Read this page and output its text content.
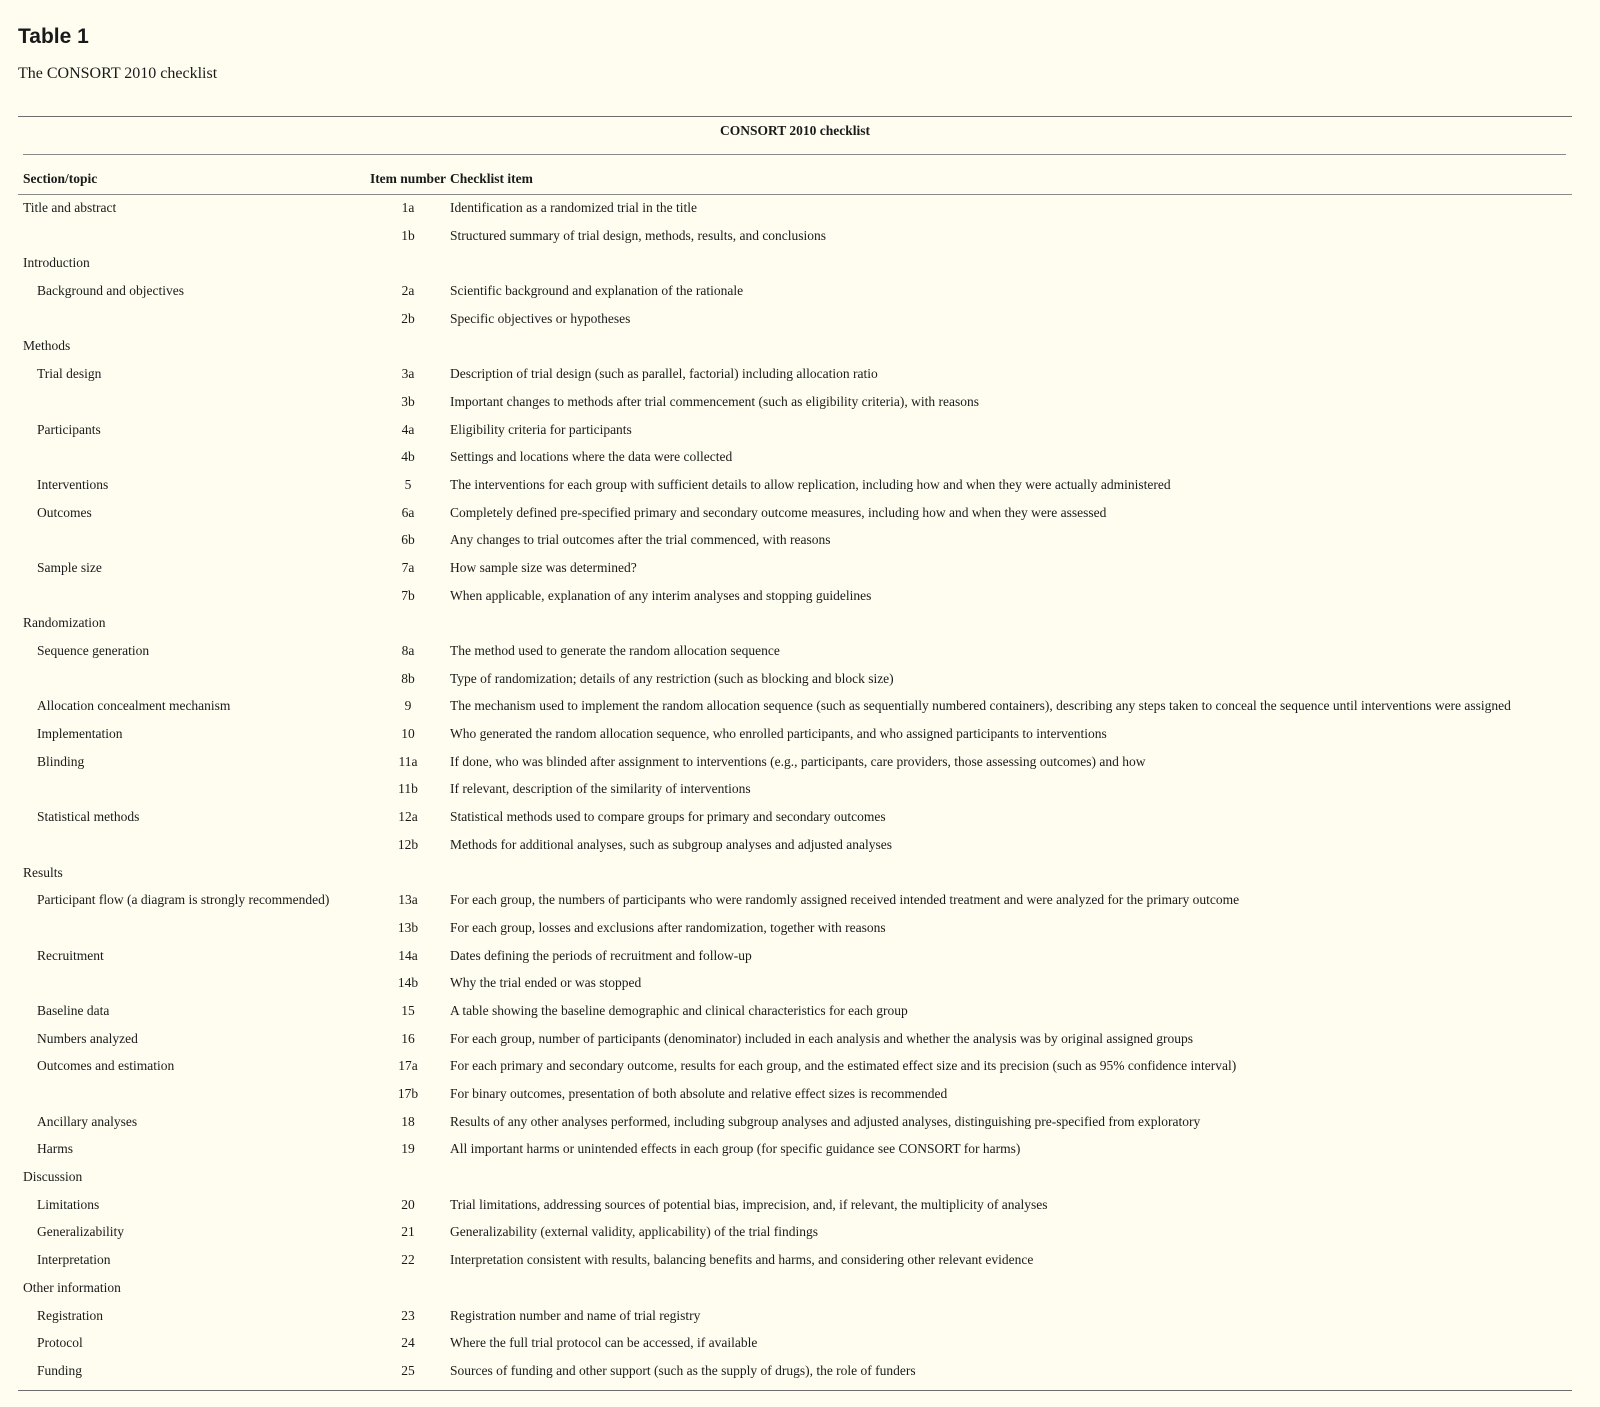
Table 1

The CONSORT 2010 checklist

CONSORT 2010 checklist
Section/topic	Item number Checklist item
Title and abstract	1a	Identification as a randomized trial in the title
1b	Structured summary of trial design, methods, results, and conclusions
Introduction
Background and objectives	2a	Scientific background and explanation of the rationale
2b	Specific objectives or hypotheses
Methods
Trial design	3a	Description of trial design (such as parallel, factorial) including allocation ratio
3b	Important changes to methods after trial commencement (such as eligibility criteria), with reasons
Participants	4a	Eligibility criteria for participants
4b	Settings and locations where the data were collected
Interventions	5	The interventions for each group with sufficient details to allow replication, including how and when they were actually administered
Outcomes	6a	Completely defined pre-specified primary and secondary outcome measures, including how and when they were assessed
6b	Any changes to trial outcomes after the trial commenced, with reasons
Sample size	7a	How sample size was determined?
7b	When applicable, explanation of any interim analyses and stopping guidelines
Randomization
Sequence generation	8a	The method used to generate the random allocation sequence
8b	Type of randomization; details of any restriction (such as blocking and block size)
Allocation concealment mechanism	9	The mechanism used to implement the random allocation sequence (such as sequentially numbered containers), describing any steps taken to conceal the sequence until interventions were assigned
Implementation	10	Who generated the random allocation sequence, who enrolled participants, and who assigned participants to interventions
Blinding	11a	If done, who was blinded after assignment to interventions (e.g., participants, care providers, those assessing outcomes) and how
11b	If relevant, description of the similarity of interventions
Statistical methods	12a	Statistical methods used to compare groups for primary and secondary outcomes
12b	Methods for additional analyses, such as subgroup analyses and adjusted analyses
Results
Participant flow (a diagram is strongly recommended)	13a	For each group, the numbers of participants who were randomly assigned received intended treatment and were analyzed for the primary outcome
13b	For each group, losses and exclusions after randomization, together with reasons
Recruitment	14a	Dates defining the periods of recruitment and follow-up
14b	Why the trial ended or was stopped
Baseline data	15	A table showing the baseline demographic and clinical characteristics for each group
Numbers analyzed	16	For each group, number of participants (denominator) included in each analysis and whether the analysis was by original assigned groups
Outcomes and estimation	17a	For each primary and secondary outcome, results for each group, and the estimated effect size and its precision (such as 95% confidence interval)
17b	For binary outcomes, presentation of both absolute and relative effect sizes is recommended
Ancillary analyses	18	Results of any other analyses performed, including subgroup analyses and adjusted analyses, distinguishing pre-specified from exploratory
Harms	19	All important harms or unintended effects in each group (for specific guidance see CONSORT for harms)
Discussion
Limitations	20	Trial limitations, addressing sources of potential bias, imprecision, and, if relevant, the multiplicity of analyses
Generalizability	21	Generalizability (external validity, applicability) of the trial findings
Interpretation	22	Interpretation consistent with results, balancing benefits and harms, and considering other relevant evidence
Other information
Registration	23	Registration number and name of trial registry
Protocol	24	Where the full trial protocol can be accessed, if available
Funding	25	Sources of funding and other support (such as the supply of drugs), the role of funders
